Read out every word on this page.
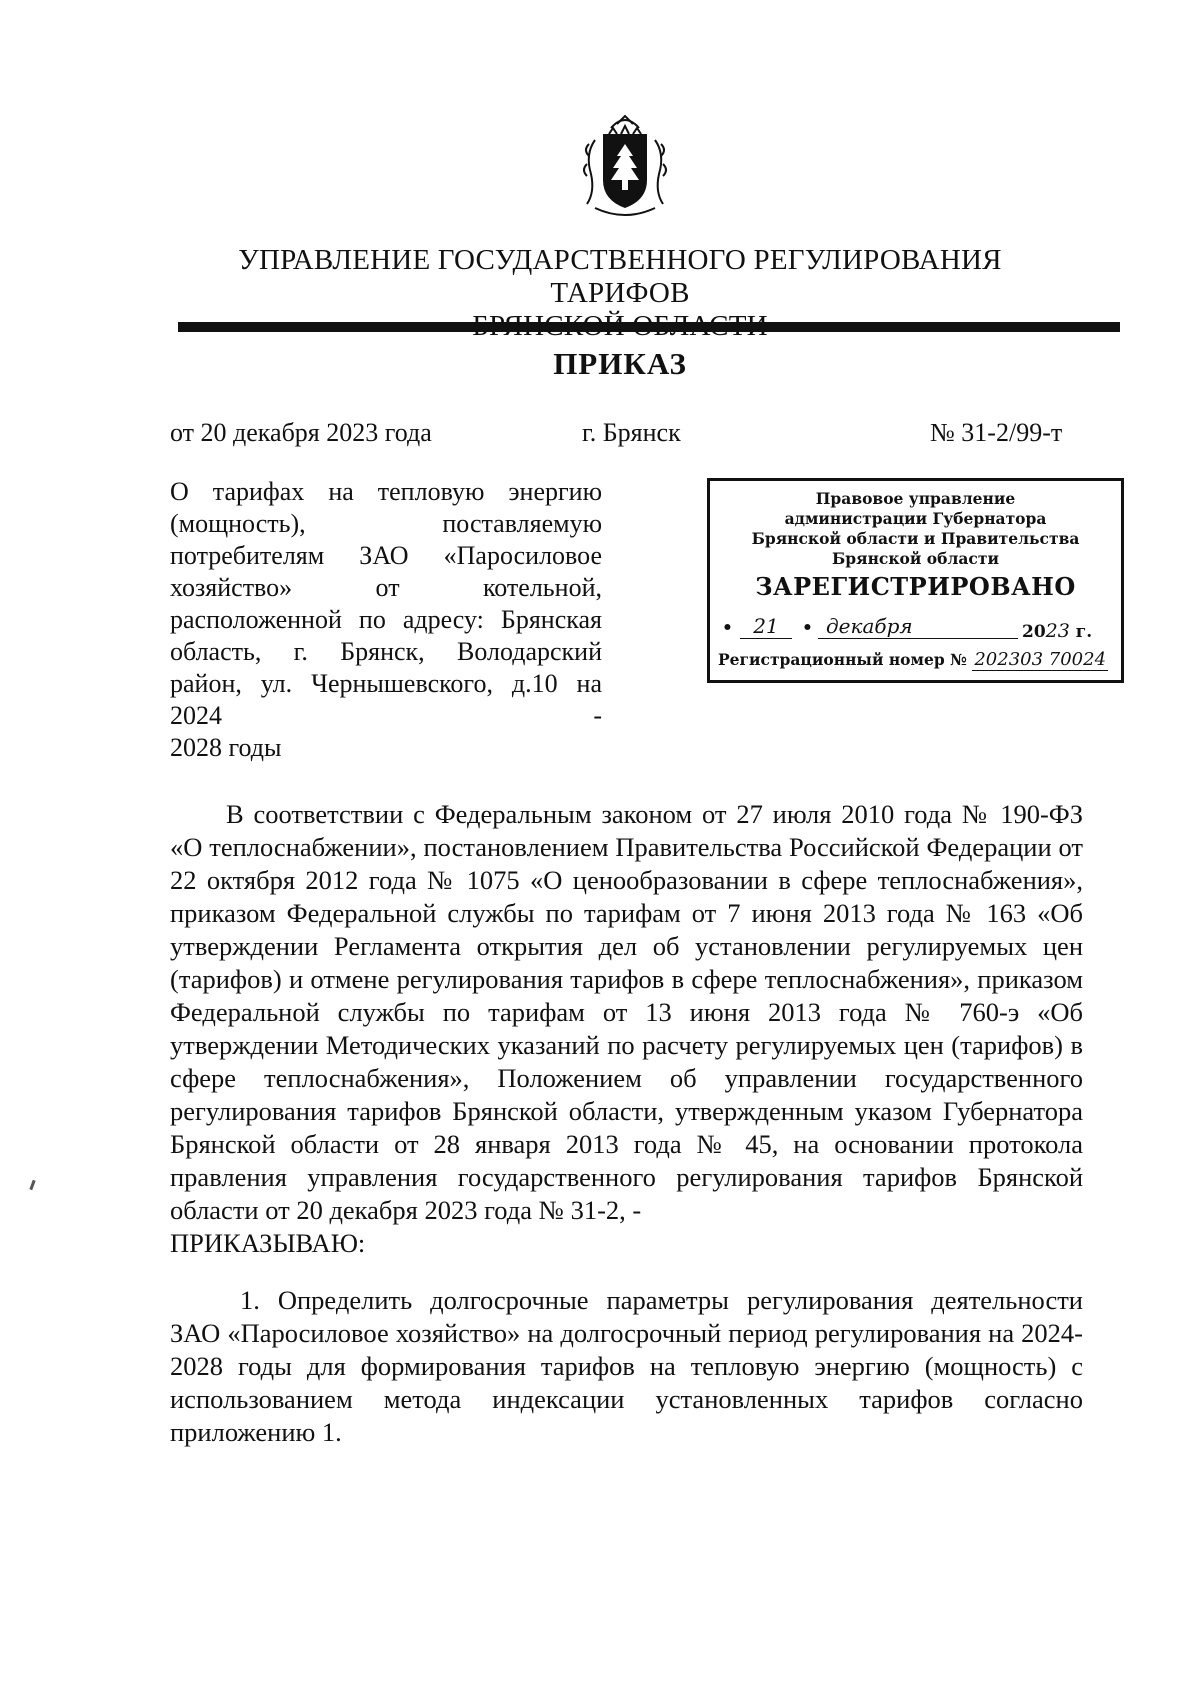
УПРАВЛЕНИЕ ГОСУДАРСТВЕННОГО РЕГУЛИРОВАНИЯ ТАРИФОВ
ПРИКАЗ
от 20 декабря 2023 года	г. Брянск	№ 31-2/99-т
О тарифах на тепловую энергию (мощность), поставляемую потребителям ЗАО «Паросиловое хозяйство» от котельной, расположенной по адресу: Брянская область, г. Брянск, Володарский район, ул. Чернышевского, д.10 на 2024 -
2028 годы
Правовое управление
администрации Губернатора
Брянской области и Правительства
Брянской области
ЗАРЕГИСТРИРОВАНО
•	21	• декабря	2023 г.
Регистрационный номер № 202303 70024

В соответствии с Федеральным законом от 27 июля 2010 года № 190-ФЗ «О теплоснабжении», постановлением Правительства Российской Федерации от 22 октября 2012 года № 1075 «О ценообразовании в сфере теплоснабжения», приказом Федеральной службы по тарифам от 7 июня 2013 года № 163 «Об утверждении Регламента открытия дел об установлении регулируемых цен (тарифов) и отмене регулирования тарифов в сфере теплоснабжения», приказом Федеральной службы по тарифам от 13 июня 2013 года № 760-э «Об утверждении Методических указаний по расчету регулируемых цен (тарифов) в сфере теплоснабжения», Положением об управлении государственного регулирования тарифов Брянской области, утвержденным указом Губернатора Брянской области от 28 января 2013 года № 45, на основании протокола правления управления государственного регулирования тарифов Брянской области от 20 декабря 2023 года № 31-2, -

ПРИКАЗЫВАЮ:

1. Определить долгосрочные параметры регулирования деятельности ЗАО «Паросиловое хозяйство» на долгосрочный период регулирования на 2024-2028 годы для формирования тарифов на тепловую энергию (мощность) с использованием метода индексации установленных тарифов согласно приложению 1.
